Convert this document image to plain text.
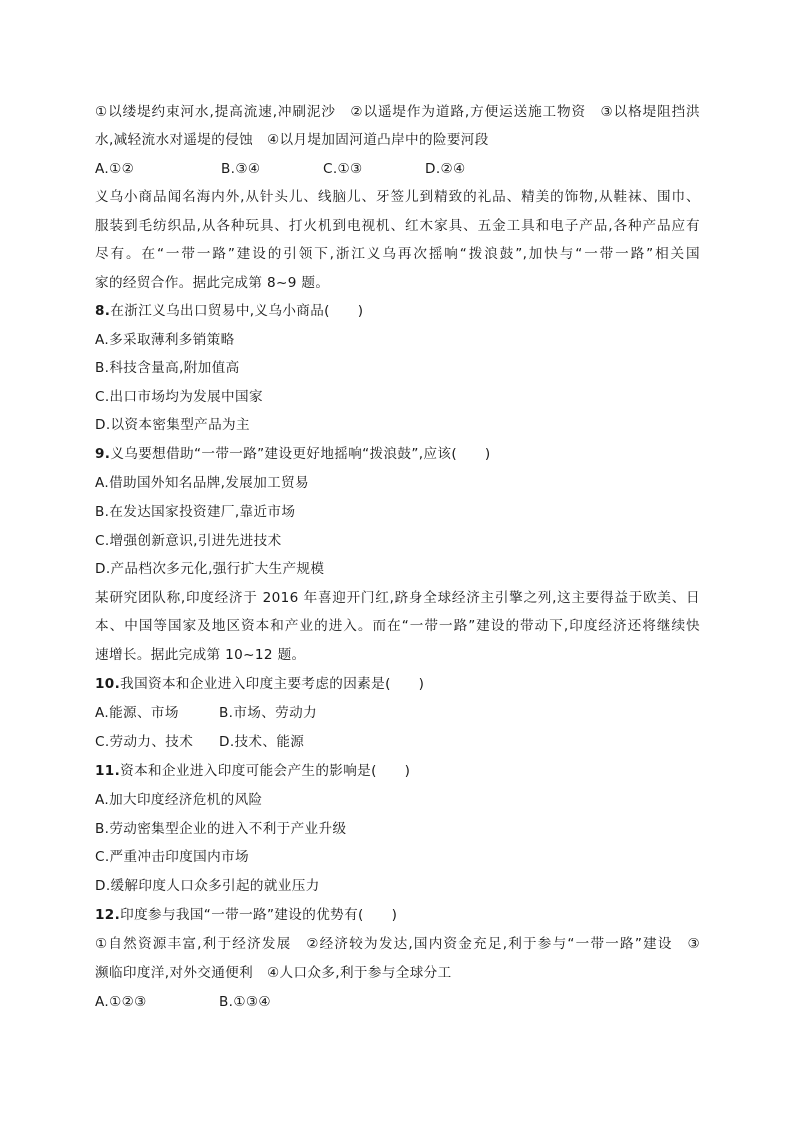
①以缕堤约束河水,提高流速,冲刷泥沙　②以遥堤作为道路,方便运送施工物资　③以格堤阻挡洪
水,减轻流水对遥堤的侵蚀　④以月堤加固河道凸岸中的险要河段
A.①②	B.③④	C.①③	D.②④
义乌小商品闻名海内外,从针头儿、线脑儿、牙签儿到精致的礼品、精美的饰物,从鞋袜、围巾、
服装到毛纺织品,从各种玩具、打火机到电视机、红木家具、五金工具和电子产品,各种产品应有
尽有。在“一带一路”建设的引领下,浙江义乌再次摇响“拨浪鼓”,加快与“一带一路”相关国
家的经贸合作。据此完成第 8~9 题。
8.在浙江义乌出口贸易中,义乌小商品(　　)
A.多采取薄利多销策略
B.科技含量高,附加值高
C.出口市场均为发展中国家
D.以资本密集型产品为主
9.义乌要想借助“一带一路”建设更好地摇响“拨浪鼓”,应该(　　)
A.借助国外知名品牌,发展加工贸易
B.在发达国家投资建厂,靠近市场
C.增强创新意识,引进先进技术
D.产品档次多元化,强行扩大生产规模
某研究团队称,印度经济于 2016 年喜迎开门红,跻身全球经济主引擎之列,这主要得益于欧美、日
本、中国等国家及地区资本和产业的进入。而在“一带一路”建设的带动下,印度经济还将继续快
速增长。据此完成第 10~12 题。
10.我国资本和企业进入印度主要考虑的因素是(　　)
A.能源、市场	B.市场、劳动力
C.劳动力、技术 D.技术、能源
11.资本和企业进入印度可能会产生的影响是(　　)
A.加大印度经济危机的风险
B.劳动密集型企业的进入不利于产业升级
C.严重冲击印度国内市场
D.缓解印度人口众多引起的就业压力
12.印度参与我国“一带一路”建设的优势有(　　)
①自然资源丰富,利于经济发展　②经济较为发达,国内资金充足,利于参与“一带一路”建设　③
濒临印度洋,对外交通便利　④人口众多,利于参与全球分工
A.①②③	B.①③④
